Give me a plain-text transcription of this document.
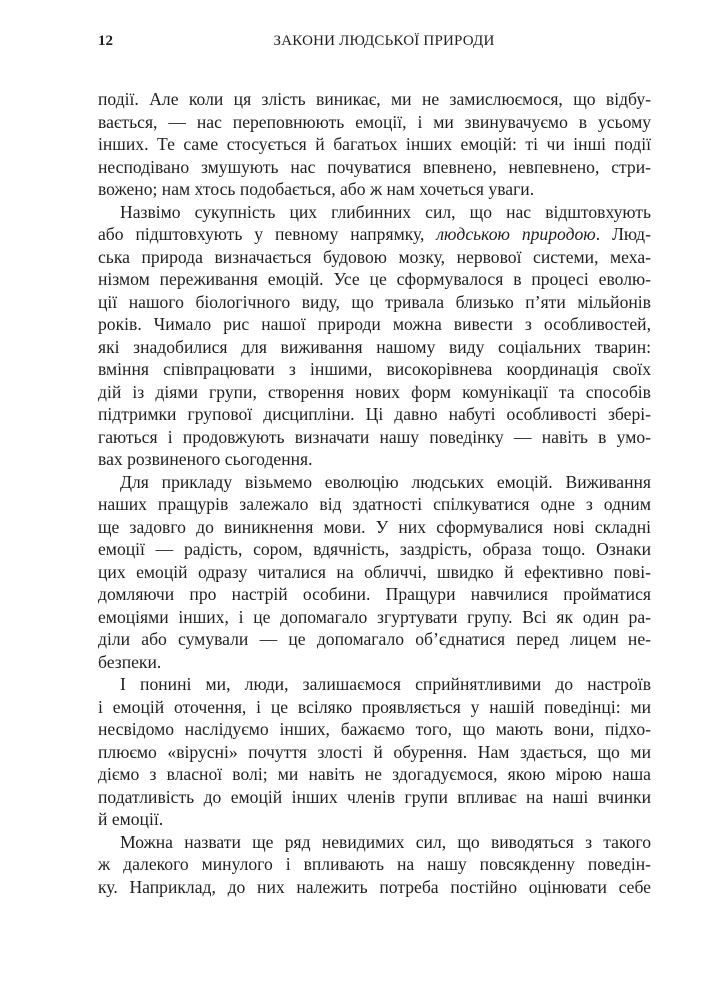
12	ЗАКОНИ ЛЮДСЬКОЇ ПРИРОДИ
події. Але коли ця злість виникає, ми не замислюємося, що відбу-
вається, — нас переповнюють емоції, і ми звинувачуємо в усьому
інших. Те саме стосується й багатьох інших емоцій: ті чи інші події
несподівано змушують нас почуватися впевнено, невпевнено, стри-
вожено; нам хтось подобається, або ж нам хочеться уваги.
Назвімо сукупність цих глибинних сил, що нас відштовхують
або підштовхують у певному напрямку, людською природою. Люд-
ська природа визначається будовою мозку, нервової системи, меха-
нізмом переживання емоцій. Усе це сформувалося в процесі еволю-
ції нашого біологічного виду, що тривала близько п’яти мільйонів
років. Чимало рис нашої природи можна вивести з особливостей,
які знадобилися для виживання нашому виду соціальних тварин:
вміння співпрацювати з іншими, високорівнева координація своїх
дій із діями групи, створення нових форм комунікації та способів
підтримки групової дисципліни. Ці давно набуті особливості збері-
гаються і продовжують визначати нашу поведінку — навіть в умо-
вах розвиненого сьогодення.
Для прикладу візьмемо еволюцію людських емоцій. Виживання
наших пращурів залежало від здатності спілкуватися одне з одним
ще задовго до виникнення мови. У них сформувалися нові складні
емоції — радість, сором, вдячність, заздрість, образа тощо. Ознаки
цих емоцій одразу читалися на обличчі, швидко й ефективно пові-
домляючи про настрій особини. Пращури навчилися пройматися
емоціями інших, і це допомагало згуртувати групу. Всі як один ра-
діли або сумували — це допомагало об’єднатися перед лицем не-
безпеки.
І понині ми, люди, залишаємося сприйнятливими до настроїв
і емоцій оточення, і це всіляко проявляється у нашій поведінці: ми
несвідомо наслідуємо інших, бажаємо того, що мають вони, підхо-
плюємо «вірусні» почуття злості й обурення. Нам здається, що ми
діємо з власної волі; ми навіть не здогадуємося, якою мірою наша
податливість до емоцій інших членів групи впливає на наші вчинки
й емоції.
Можна назвати ще ряд невидимих сил, що виводяться з такого
ж далекого минулого і впливають на нашу повсякденну поведін-
ку. Наприклад, до них належить потреба постійно оцінювати себе
